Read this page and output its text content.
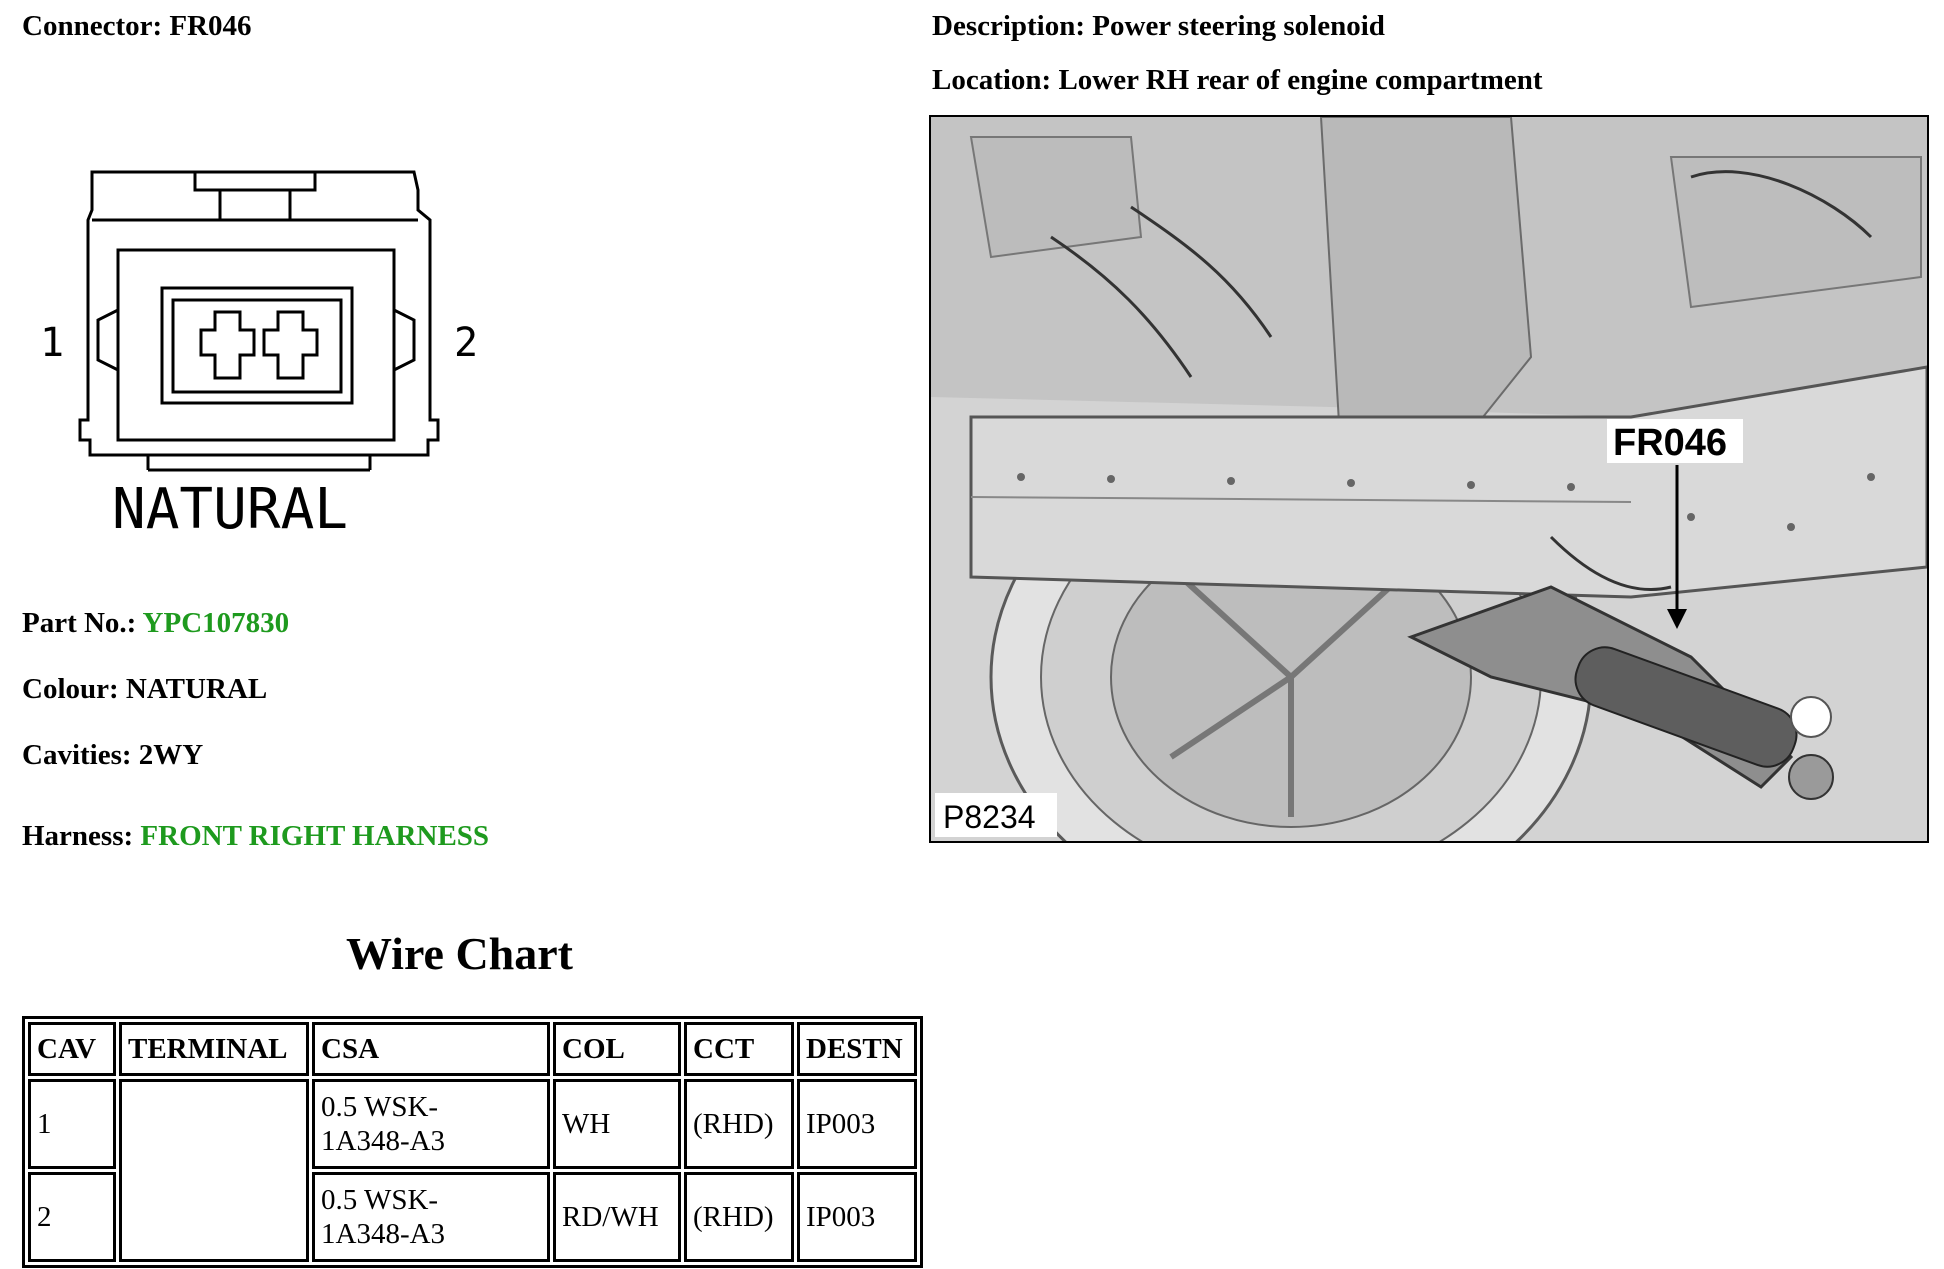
Connector: FR046	Description: Power steering solenoid
Location: Lower RH rear of engine compartment
1	2
NATURAL
FR046
P8234
Part No.: YPC107830
Colour: NATURAL
Cavities: 2WY
Harness: FRONT RIGHT HARNESS
Wire Chart
CAV	TERMINAL	CSA	COL	CCT	DESTN
1		0.5 WSK-
1A348-A3	WH	(RHD)	IP003
2		0.5 WSK-
1A348-A3	RD/WH	(RHD)	IP003
